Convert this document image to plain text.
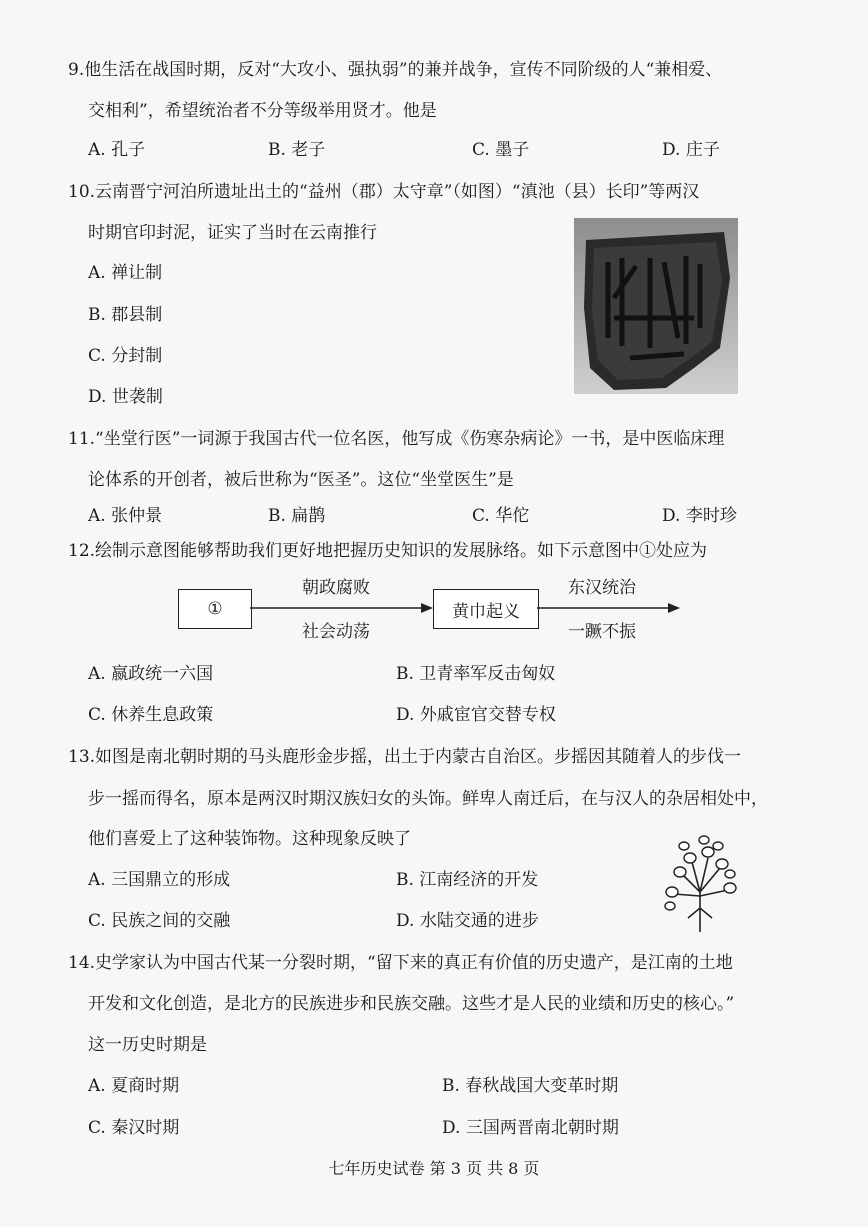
9.他生活在战国时期，反对“大攻小、强执弱”的兼并战争，宣传不同阶级的人“兼相爱、
交相利”，希望统治者不分等级举用贤才。他是
A. 孔子	B. 老子	C. 墨子	D. 庄子
10.云南晋宁河泊所遗址出土的“益州（郡）太守章”（如图）“滇池（县）长印”等两汉
时期官印封泥，证实了当时在云南推行
A. 禅让制
B. 郡县制
C. 分封制
D. 世袭制
11.“坐堂行医”一词源于我国古代一位名医，他写成《伤寒杂病论》一书，是中医临床理
论体系的开创者，被后世称为“医圣”。这位“坐堂医生”是
A. 张仲景	B. 扁鹊	C. 华佗	D. 李时珍
12.绘制示意图能够帮助我们更好地把握历史知识的发展脉络。如下示意图中①处应为
①
朝政腐败
社会动荡
黄巾起义
东汉统治
一蹶不振
A. 嬴政统一六国	B. 卫青率军反击匈奴
C. 休养生息政策	D. 外戚宦官交替专权
13.如图是南北朝时期的马头鹿形金步摇，出土于内蒙古自治区。步摇因其随着人的步伐一
步一摇而得名，原本是两汉时期汉族妇女的头饰。鲜卑人南迁后，在与汉人的杂居相处中，
他们喜爱上了这种装饰物。这种现象反映了
A. 三国鼎立的形成	B. 江南经济的开发
C. 民族之间的交融	D. 水陆交通的进步
14.史学家认为中国古代某一分裂时期，“留下来的真正有价值的历史遗产，是江南的土地
开发和文化创造，是北方的民族进步和民族交融。这些才是人民的业绩和历史的核心。”
这一历史时期是
A. 夏商时期	B. 春秋战国大变革时期
C. 秦汉时期	D. 三国两晋南北朝时期
七年历史试卷 第 3 页 共 8 页
